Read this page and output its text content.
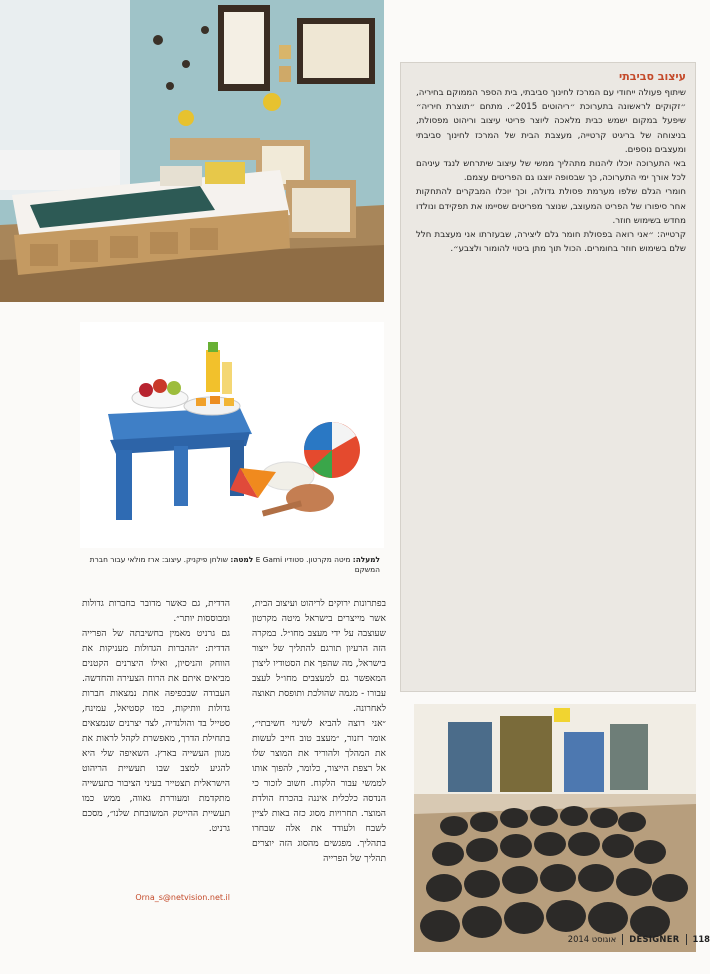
עיצוב סביבתי

שיתוף פעולה ייחודי עם המרכז לחינוך סביבתי, בית הספר הממוקם בחיריה, ״זקוקים לראשונה בתערוכת ״ריהוטים 2015״. מתחם ״תוצרת חיריה״ שיפעל במקום ישמש כבית מלאכה ליוצר פריטי עיצוב וריהוט מפסולת, בניצוחה של בריגיט קרטייה, מעצבת הבית של המרכז לחינוך סביבתי ומעצבים נוספים.

באי התערוכה יוכלו ליהנות מתהליך ממשי של עיצוב שיתרחש לנגד עיניהם לכל אורך ימי התערוכה, כך שבסופה יוצגו גם הפריטים עצמם.

חומרי הגלם שלפו מערמת פסולת גדולה, וכך יוכלו המבקרים להתחקות אחר סיפורו של הפריט המעוצב, שנוצר מפריטים שסיימו את תפקידם ונולדו מחדש בשימוש חוזר.

קרטייה: ״אני רואה בפסולת חומר גלם ליצירה, שבעזרתו אני מעצבת חלל שלם בשימוש חוזר בחומרים. הכול תוך מתן ביטוי להומור ולצבע״.

למעלה: מיטה מקרטון. סטודיו E Gami למטה: שולחן פיקניק. עיצוב: ארז מולאי עבור חברת המשקם

בפתרונות ירוקים לריהוט ועיצוב הבית, אשר מייצרים בישראל מיטה מקרטון שעוצבה על ידי מעצב מחו״ל. במקרה הזה הרעיון תורגם להתליך של ייצור בישראל, מה שהפך את הסטודיו ליצרן המאפשר גם למעצבים מחו״ל לעצב עבורו - מגמה שהולכת ותופסת תאוצה לאחרונה.

״אני רוצה להביא לשינוי חשיבתי״, אומר רזנור, ״מעצב טוב חייב לעשות את המהלך ולהוריד את המוצר שלו אל רצפת הייצור, כלומר, להפוך אותו לממשי עבור הלקוח. חשוב לזכור כי הנדסה כלכלית איננה בהכרח הולדת המוצר. תחרויות מסוג כזה באות לציין לשבח ולעודד את אלה שבחרו בתהליך. מפגשים מהסוג הזה יוצרים תהליך של הפרייה

הדדית, גם כאשר מדובר בחברות גדולות ומבוססות יותר״.

גם גרניט מאמין בחשיבתה של הפרייה הדדית: ״ההברות הגדולות מעניקות את הווחק והניסיון, ואילו היצרנים הקטנים מביאים איתם את הרוח הצעירה והחדשה. העבודה שבכפיפה אחת נמצאות חברות גדולות וותיקות, כמו קסטיאל, עמינח, סטייל בד והולנדיה, לצד יצרנים שנמצאים בתחילת הדרך, מאפשרת לקהל לראות את מגוון העשייה בארץ. השאיפה שלי היא להגיע למצב שבו תעשיית הריהוט הישראלית תצטייר בעיני הציבור כתעשייה מתקדמת ומעוררת גאווה, ממש כמו תעשיית ההייטק המשובחת שלנו״, מסכם גרניט.

Orna_s@netvision.net.il
אוגוסט 2014 DESIGNER 118
